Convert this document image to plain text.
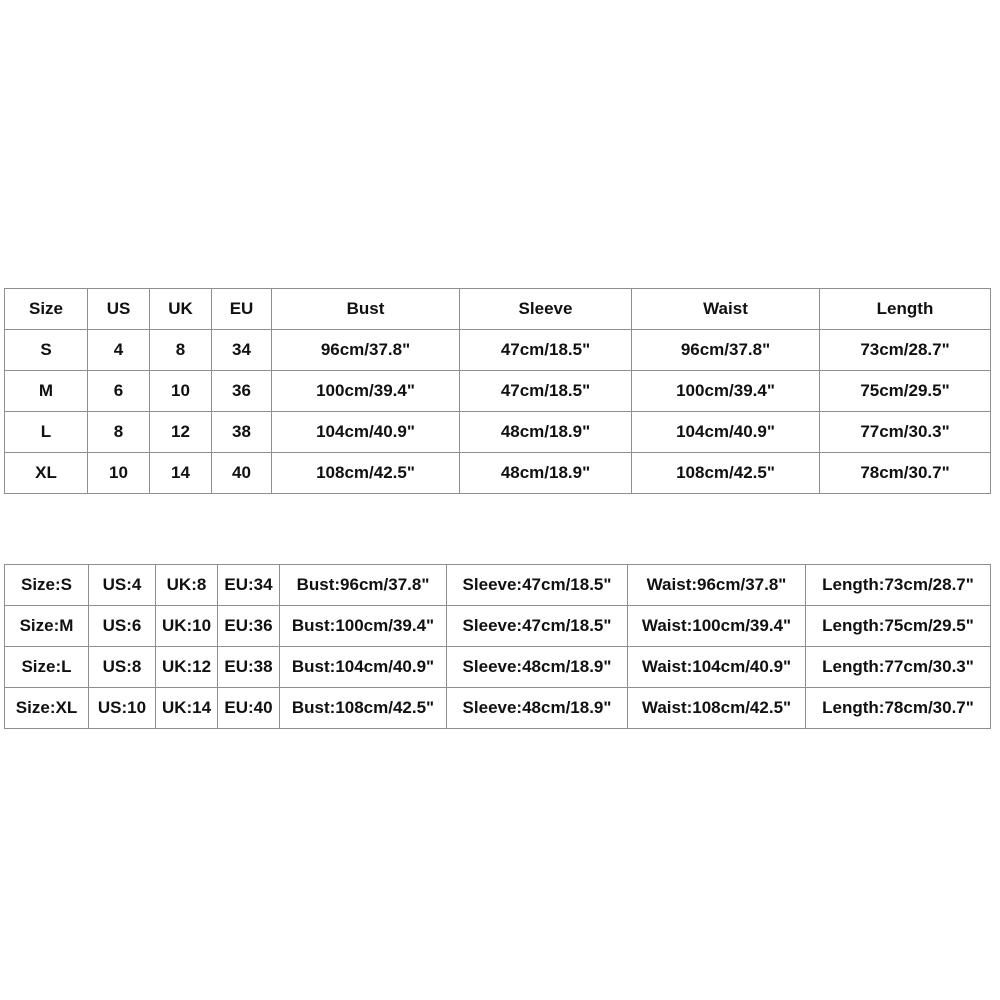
Size	US	UK	EU	Bust	Sleeve	Waist	Length
S	4	8	34	96cm/37.8"	47cm/18.5"	96cm/37.8"	73cm/28.7"
M	6	10	36	100cm/39.4"	47cm/18.5"	100cm/39.4"	75cm/29.5"
L	8	12	38	104cm/40.9"	48cm/18.9"	104cm/40.9"	77cm/30.3"
XL	10	14	40	108cm/42.5"	48cm/18.9"	108cm/42.5"	78cm/30.7"
Size:S	US:4	UK:8	EU:34	Bust:96cm/37.8"	Sleeve:47cm/18.5"	Waist:96cm/37.8"	Length:73cm/28.7"
Size:M	US:6	UK:10	EU:36	Bust:100cm/39.4"	Sleeve:47cm/18.5"	Waist:100cm/39.4"	Length:75cm/29.5"
Size:L	US:8	UK:12	EU:38	Bust:104cm/40.9"	Sleeve:48cm/18.9"	Waist:104cm/40.9"	Length:77cm/30.3"
Size:XL	US:10	UK:14	EU:40	Bust:108cm/42.5"	Sleeve:48cm/18.9"	Waist:108cm/42.5"	Length:78cm/30.7"
